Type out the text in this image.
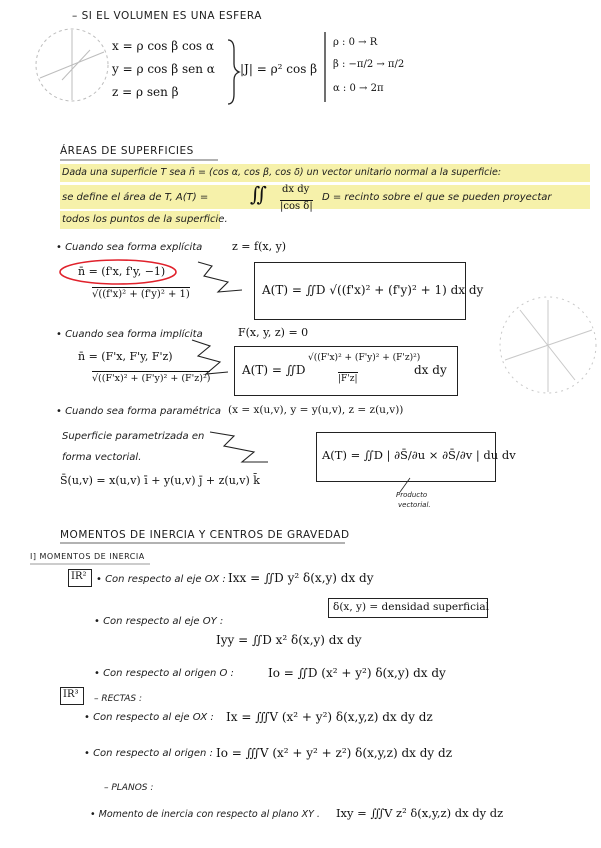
– SI EL VOLUMEN ES UNA ESFERA
x = ρ cos β cos α
y = ρ cos β sen α
z = ρ sen β
|J| = ρ² cos β
ρ : 0 → R
β : −π/2 → π/2
α : 0 → 2π
ÁREAS DE SUPERFICIES
Dada una superficie T sea n̄ = (cos α, cos β, cos δ) un vector unitario normal a la superficie:
se define el área de T, A(T) = ∬ dx dy
|cos δ|
D = recinto sobre el que se pueden proyectar
todos los puntos de la superficie.
• Cuando sea forma explícita	z = f(x, y)
n̄ = (f'x, f'y, −1)
√((f'x)² + (f'y)² + 1)	A(T) = ∬D √((f'x)² + (f'y)² + 1) dx dy
• Cuando sea forma implícita	F(x, y, z) = 0
n̄ = (F'x, F'y, F'z)
√((F'x)² + (F'y)² + (F'z)²)
A(T) = ∬D
√((F'x)² + (F'y)² + (F'z)²)
|F'z|
dx dy
• Cuando sea forma paramétrica (x = x(u,v), y = y(u,v), z = z(u,v))
Superficie parametrizada en
forma vectorial.
S̄(u,v) = x(u,v) ī + y(u,v) j̄ + z(u,v) k̄
A(T) = ∬D | ∂S̄/∂u × ∂S̄/∂v | du dv
Producto
vectorial.
MOMENTOS DE INERCIA Y CENTROS DE GRAVEDAD
I] MOMENTOS DE INERCIA
IR² • Con respecto al eje OX : Ixx = ∬D y² δ(x,y) dx dy
δ(x, y) = densidad superficial
• Con respecto al eje OY :
Iyy = ∬D x² δ(x,y) dx dy
• Con respecto al origen O :	Io = ∬D (x² + y²) δ(x,y) dx dy
IR³ – RECTAS :
• Con respecto al eje OX : Ix = ∭V (x² + y²) δ(x,y,z) dx dy dz
• Con respecto al origen : Io = ∭V (x² + y² + z²) δ(x,y,z) dx dy dz
– PLANOS :
• Momento de inercia con respecto al plano XY . Ixy = ∭V z² δ(x,y,z) dx dy dz
